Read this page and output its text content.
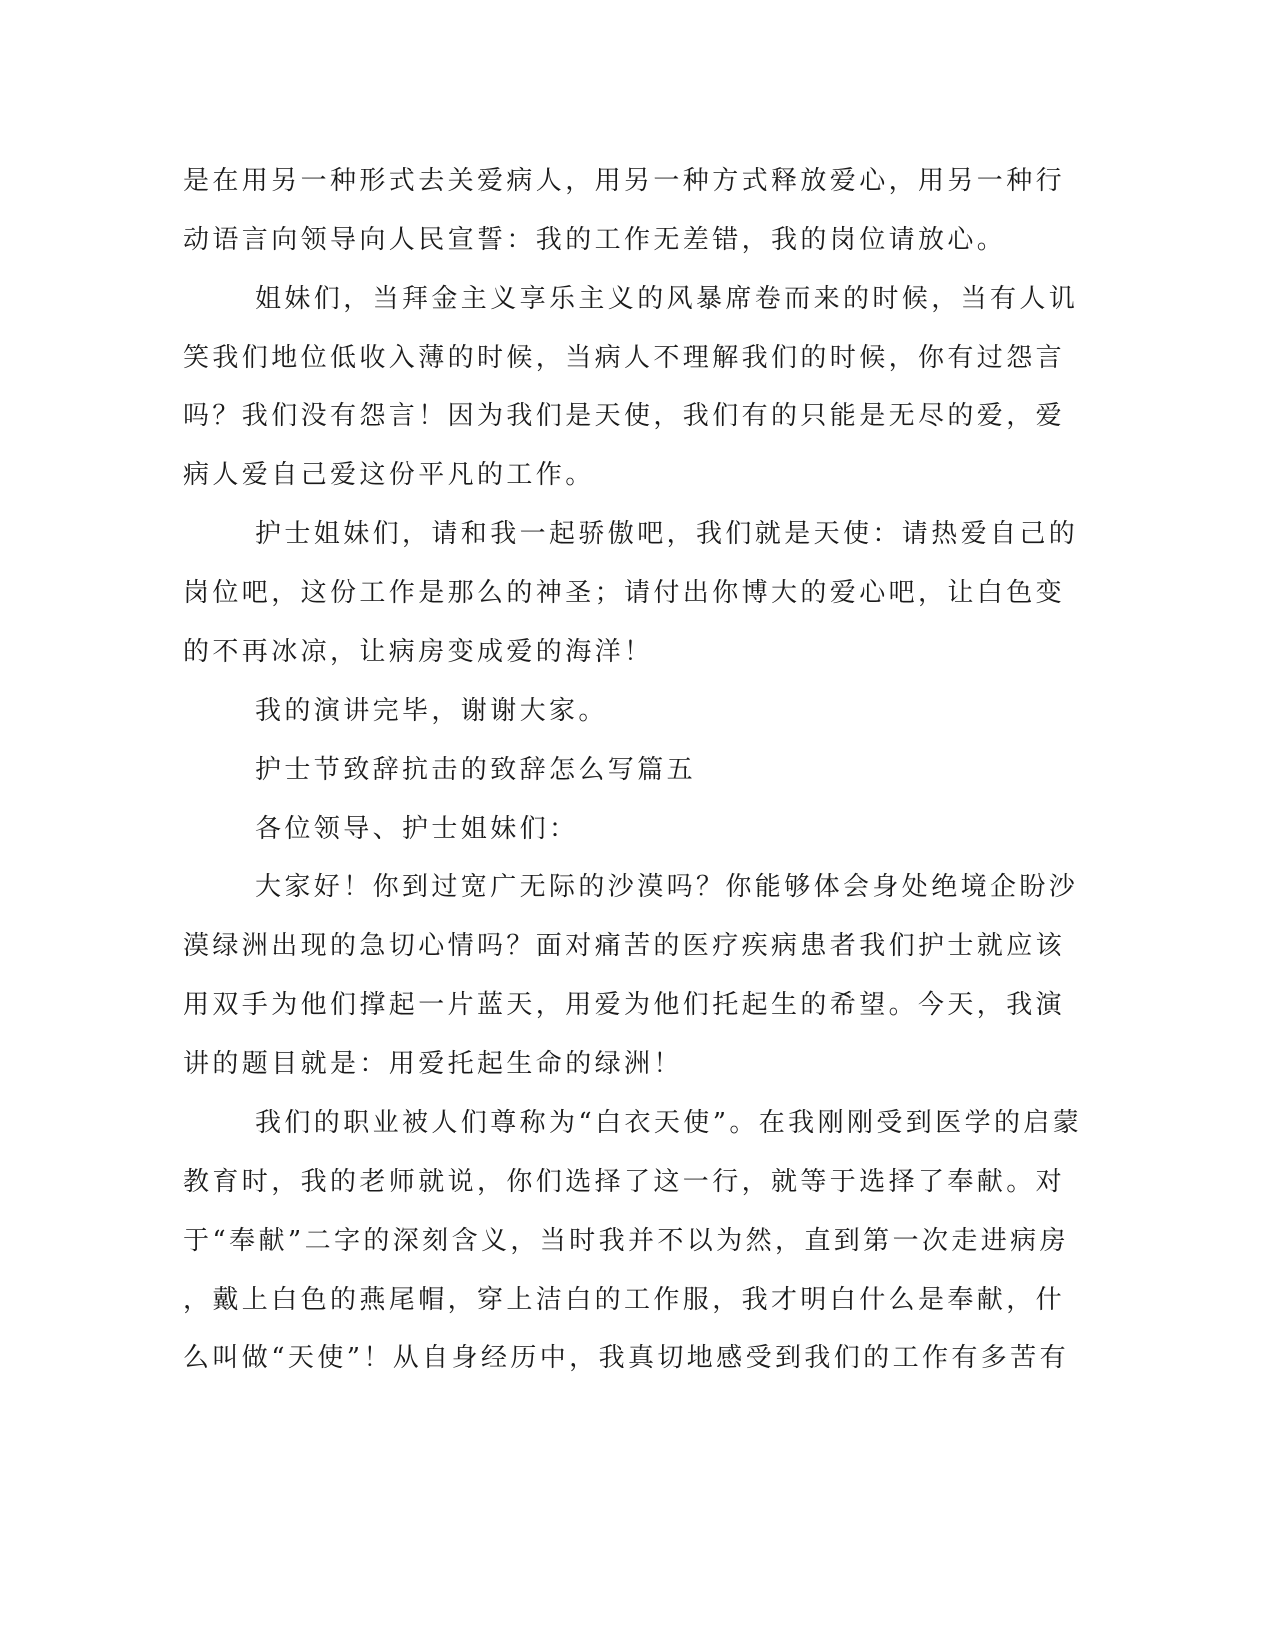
是在用另一种形式去关爱病人，用另一种方式释放爱心，用另一种行
动语言向领导向人民宣誓：我的工作无差错，我的岗位请放心。
姐妹们，当拜金主义享乐主义的风暴席卷而来的时候，当有人讥
笑我们地位低收入薄的时候，当病人不理解我们的时候，你有过怨言
吗？我们没有怨言！因为我们是天使，我们有的只能是无尽的爱，爱
病人爱自己爱这份平凡的工作。
护士姐妹们，请和我一起骄傲吧，我们就是天使：请热爱自己的
岗位吧，这份工作是那么的神圣；请付出你博大的爱心吧，让白色变
的不再冰凉，让病房变成爱的海洋！
我的演讲完毕，谢谢大家。
护士节致辞抗击的致辞怎么写篇五
各位领导、护士姐妹们：
大家好！你到过宽广无际的沙漠吗？你能够体会身处绝境企盼沙
漠绿洲出现的急切心情吗？面对痛苦的医疗疾病患者我们护士就应该
用双手为他们撑起一片蓝天，用爱为他们托起生的希望。今天，我演
讲的题目就是：用爱托起生命的绿洲！
我们的职业被人们尊称为“白衣天使”。在我刚刚受到医学的启蒙
教育时，我的老师就说，你们选择了这一行，就等于选择了奉献。对
于“奉献”二字的深刻含义，当时我并不以为然，直到第一次走进病房
，戴上白色的燕尾帽，穿上洁白的工作服，我才明白什么是奉献，什
么叫做“天使”！从自身经历中，我真切地感受到我们的工作有多苦有
